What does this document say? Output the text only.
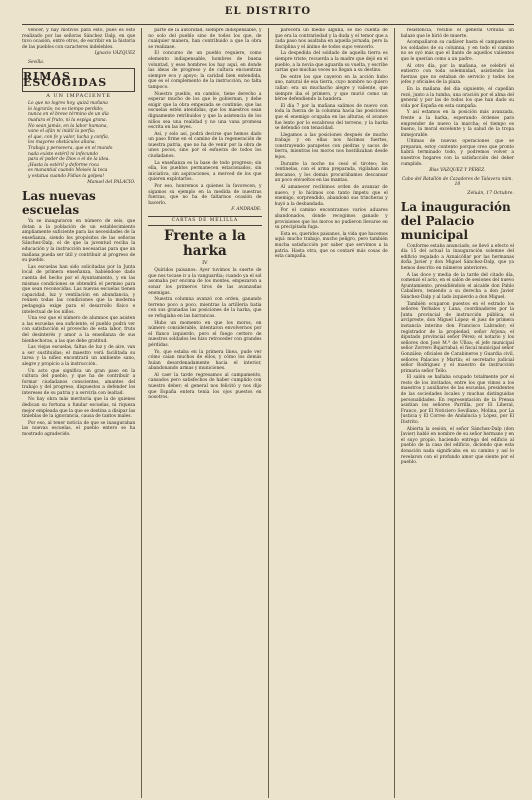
EL DISTRITO

vencer, y hay motivos para esto, pues es esto realizado por las señoras Sánchez Dalp, en que tuvo ocasión, entre otros, de escribir en la historia de las pueblos con caracteres indelebles.

Ignacio VÁZQUEZ
Sevilla.
RIMAS ESCOGIDAS
A UN IMPACIENTE
Lo que no logres hoy, quizá mañana
lo lograrás; no es tiempo perdido;
nunca en el breve término de un día
madura el fruto, ni la espiga grana.
No sean jamás, en la labor humana,
vano el afán ni inútil la porfía;
el que, con fe y valor, lucha y confía,
los mayores obstáculos allana.
Trabaja y persevera, que en el mundo
nada existe estéril ni infecundo
para el poder de Dios o el de la idea.
¡Hasta la estéril y deforme roca
es manantial cuando Moisés la toca
y estatua cuando Fidias la golpea!
Manuel del PALACIO.
Las nuevas escuelas

Ya se inauguraron en número de seis, que dotan a la población de un establecimiento ampliamente suficiente para las necesidades de la enseñanza, siendo los propósitos de las señoras Sánchez-Dalp, el de que la juventud reciba la educación y la instrucción necesarias para que un mañana pueda ser útil y contribuir al progreso de su pueblo.

Las escuelas han sido solicitadas por la Junta local de primera enseñanza, habiéndose dado cuenta del hecho por el Ayuntamiento, y en las mismas condiciones se obtendrá el permiso para que sean reconocidas. Las nuevas escuelas tienen capacidad, luz y ventilación en abundancia, y reúnen todas las condiciones que la moderna pedagogía exige para el desarrollo físico e intelectual de los niños.

Una vez que el número de alumnos que asisten a las escuelas sea suficiente, el pueblo podrá ver con satisfacción el provecho de esta labor, fruto del desinterés y amor a la enseñanza de sus bienhechoras, a las que debe gratitud.

Las viejas escuelas, faltas de luz y de aire, van a ser sustituidas; el maestro verá facilitada su tarea y la niñez encontrará un ambiente sano, alegre y propicio a la instrucción.

Un acto que significa un gran paso en la cultura del pueblo, y que ha de contribuir a formar ciudadanos conscientes, amantes del trabajo y del progreso, dispuestos a defender los intereses de su patria y a servirla con lealtad.

No hay obra más meritoria que la de quienes dedican su fortuna a fundar escuelas, ni riqueza mejor empleada que la que se destina a disipar las tinieblas de la ignorancia, causa de tantos males.

Por eso, al tener noticia de que se inauguraban las nuevas escuelas, el pueblo entero se ha mostrado agradecido.

parte de la autoridad, siempre indispensable, y no solo del pueblo sino de todos los que, de cualquier manera, han contribuido a que la obra se realizase.

El concurso de un pueblo requiere, como elemento indispensable, hombres de buena voluntad, y esos hombres los hay aquí, en donde las ideas de progreso y de cultura encuentran siempre eco y apoyo; la caridad bien entendida, que es el complemento de la instrucción, no falta tampoco.

Nuestro pueblo, en cambio, tiene derecho a esperar mucho de los que le gobiernan, y debe exigir que la obra empezada se continúe, que las escuelas estén atendidas, que los maestros sean dignamente retribuidos y que la asistencia de los niños sea una realidad y no una vana promesa escrita en las leyes.

Así, y solo así, podrá decirse que hemos dado un paso firme en el camino de la regeneración de nuestra patria, que no ha de venir por la obra de unos pocos, sino por el esfuerzo de todos los ciudadanos.

La enseñanza es la base de todo progreso; sin ella, los pueblos permanecen estacionados, sin iniciativa, sin aspiraciones, a merced de los que quieren explotarlos.

Por eso, honremos a quienes la favorecen, y sigamos su ejemplo en la medida de nuestras fuerzas, que no ha de faltarnos ocasión de hacerlo.

F. ANDRADE.
CARTAS DE MELILLA
Frente a la harka
IV

Quiridos paisanos: Ayer tuvimos la suerte de que nos tocase ir a la vanguardia; cuando ya el sol asomaba por encima de los montes, empezaron a sonar los primeros tiros de las avanzadas enemigas.

Nuestra columna avanzó con orden, ganando terreno poco a poco, mientras la artillería batía con sus granadas las posiciones de la harka, que se refugiaba en las barrancas.

Hubo un momento en que los moros, en número considerable, intentaron envolvernos por el flanco izquierdo, pero el fuego certero de nuestros soldados les hizo retroceder con grandes pérdidas.

Yo, que estaba en la primera línea, pude ver cómo caían muchos de ellos, y cómo los demás huían desordenadamente hacia el interior, abandonando armas y municiones.

Al caer la tarde regresamos al campamento, cansados pero satisfechos de haber cumplido con nuestro deber; el general nos felicitó y nos dijo que España entera tenía los ojos puestos en nosotros.

parecerá un medio alguna, se dio cuenta de que era la contrariedad y la duda y el temor que a cada paso nos asaltaba en aquella jornada, pero la disciplina y el ánimo de todos supo vencerlo.

La despedida del soldado de aquella tierra es siempre triste; recuerda a la madre que dejó en el pueblo, a la novia que aguarda su vuelta, y escribe cartas que muchas veces no llegan a su destino.

De entre los que cayeron en la acción hubo uno, natural de esa tierra, cuyo nombre no quiero callar: era un muchacho alegre y valiente, que siempre iba el primero, y que murió como un héroe defendiendo la bandera.

El día 7 por la mañana salimos de nuevo con toda la fuerza de la columna hacia las posiciones que el enemigo ocupaba en las alturas; el avance fue lento por lo escabroso del terreno, y la harka se defendió con tenacidad.

Llegamos a las posiciones después de mucho trabajo y en ellas nos hicimos fuertes, construyendo parapetos con piedras y sacos de tierra, mientras los moros nos hostilizaban desde lejos.

Durante la noche no cesó el tiroteo; los centinelas, con el arma preparada, vigilaban sin descanso, y los demás procurábamos descansar un poco envueltos en las mantas.

Al amanecer recibimos orden de avanzar de nuevo, y lo hicimos con tanto ímpetu que el enemigo, sorprendido, abandonó sus trincheras y huyó a la desbandada.

Por el camino encontramos varios aduares abandonados, donde recogimos ganado y provisiones que los moros no pudieron llevarse en su precipitada fuga.

Esta es, queridos paisanos, la vida que hacemos aquí: mucho trabajo, mucho peligro, pero también mucha satisfacción por saber que servimos a la patria. Hasta otra, que os contaré más cosas de esta campaña.

resistencia, recibió el general Orduña un balazo que le hirió de muerte.

Acompañaron su cadáver hasta el campamento los soldados de su columna, y en todo el camino no se oyó más que el llanto de aquellos valientes que le querían como a un padre.

Al otro día, por la mañana, se celebró el entierro con toda solemnidad, asistiendo las fuerzas que no estaban de servicio y todos los jefes y oficiales de la plaza.

En la mañana del día siguiente, el capellán rezó, junto a la tumba, una oración por el alma del general y por las de todos los que han dado su vida por España en esta campaña.

Y así estamos en la posición más avanzada, frente a la harka, esperando órdenes para emprender de nuevo la marcha; el tiempo es bueno, la moral excelente y la salud de la tropa inmejorable.

Ultimas de nuevas operaciones que se preparan, estoy contento porque creo que pronto habrá terminado todo, y podremos volver a nuestros hogares con la satisfacción del deber cumplido.

Blas VÁZQUEZ Y PÉREZ.
Cabo del Batallón de Cazadores de Talavera núm. 18
Zeluán, 17 Octubre.
La inauguración del Palacio municipal

Conforme estaba anunciado, se llevó a efecto el día 15 del actual la inauguración solemne del edificio regalado a Aznalcóllar por las hermanas doña Javier y don Miguel Sánchez-Dalp, que ya hemos descrito en números anteriores.

A las doce y media de la tarde del citado día, comenzó el acto, en el salón de sesiones del nuevo Ayuntamiento, presidiéndolo el alcalde don Pablo Caballero, teniendo a su derecha a don Javier Sánchez-Dalp y al lado izquierdo a don Miguel.

También ocuparon puestos en el estrado los señores Yerbales y Luna, coordinadores por la Junta provincial de instrucción pública; el arcipreste, don Miguel López; el juez de primera instancia interino don Francisco Labrador; el registrador de la propiedad, señor Arjona; el diputado provincial señor Pérez; el notario y los señores don José M.ª de Ulloa; el jefe municipal señor Zorrero Bujarrabal; el fiscal municipal señor González; oficiales de Carabineros y Guardia civil, señores Palacios y Martín; el secretario judicial señor Rodríguez y el maestro de instrucción primaria señor Tello.

El salón se hallaba ocupado totalmente por el resto de los invitados, entre los que vimos a los maestros y auxiliares de las escuelas, presidentes de las sociedades locales y muchas distinguidas personalidades. En representación de la Prensa asistían los señores Parrilla, por El Liberal, Franco, por El Noticiero Sevillano, Molina, por La Justicia y El Correo de Andalucía y López, por El Distrito.

Abierta la sesión, el señor Sánchez-Dalp (don Javier) habló en nombre de su señor hermano y en el suyo propio, haciendo entrega del edificio al pueblo de la casa del edificio, diciendo que esta donación nada significaba en su camino y así lo revelaron con el profundo amor que siente por el pueblo.
